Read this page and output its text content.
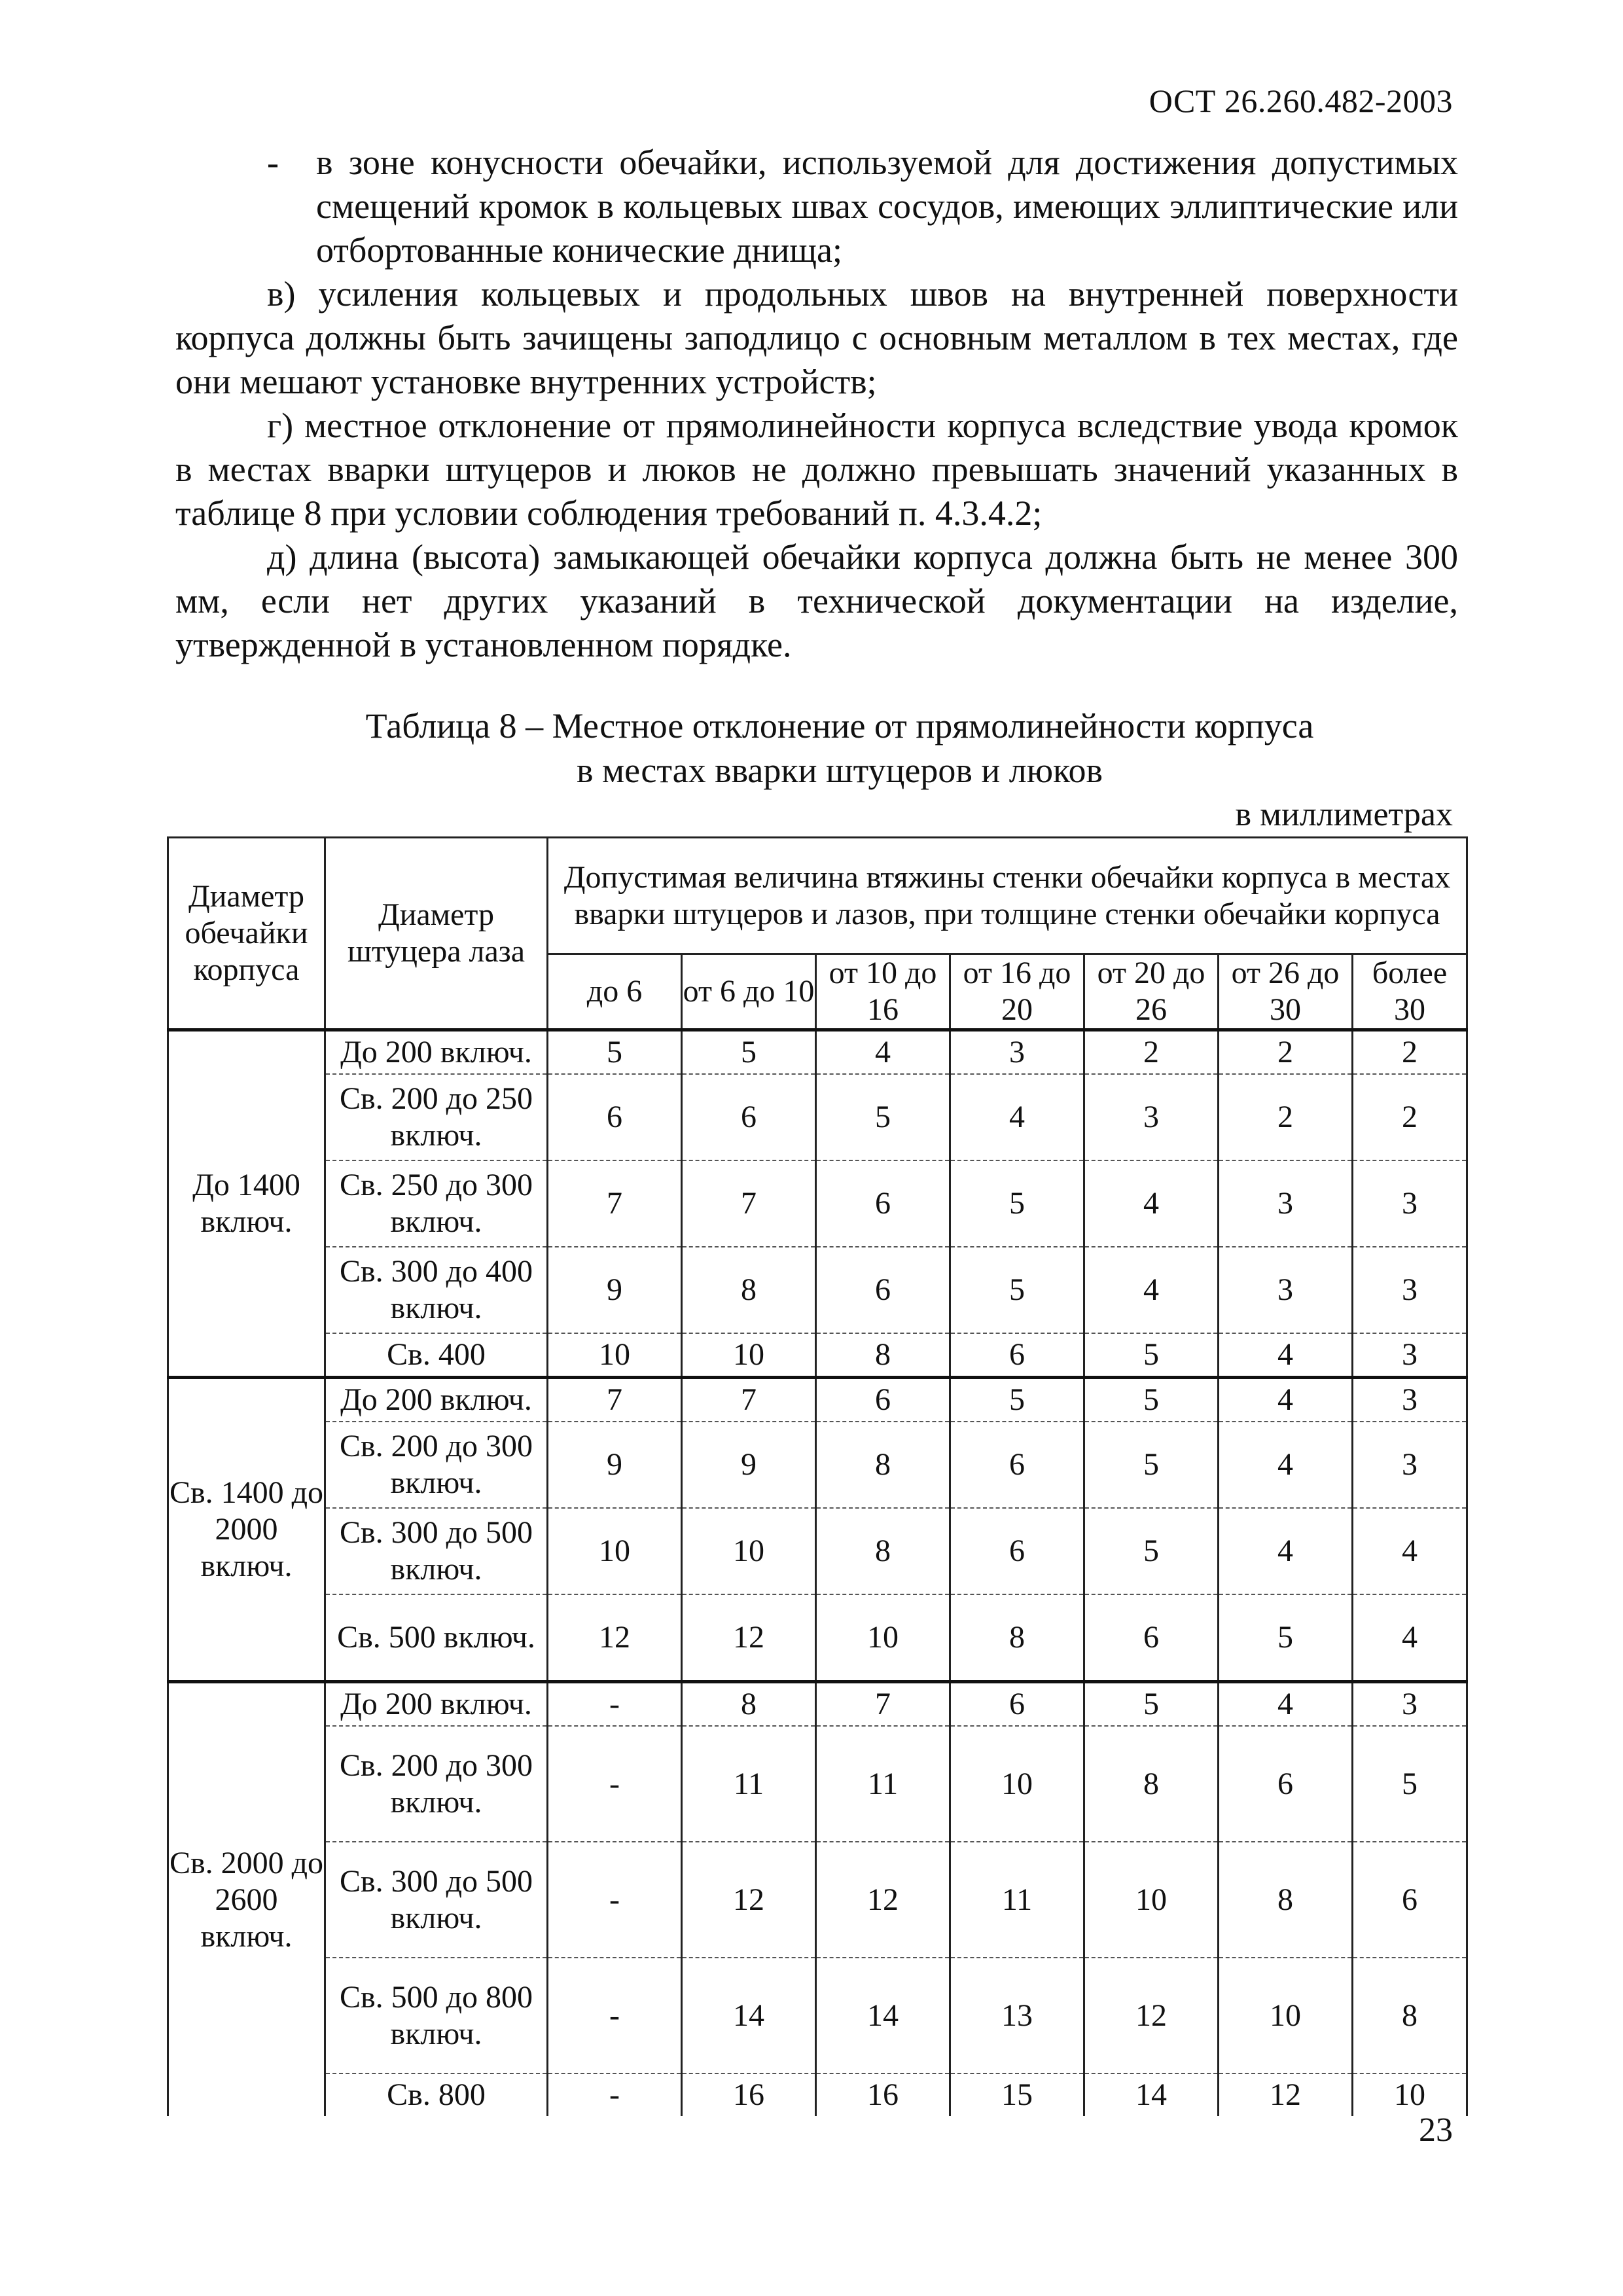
ОСТ 26.260.482-2003
-	в зоне конусности обечайки, используемой для достижения допустимых смещений кромок в кольцевых швах сосудов, имеющих эллиптические или отбортованные конические днища;

в) усиления кольцевых и продольных швов на внутренней поверхности корпуса должны быть зачищены заподлицо с основным металлом в тех местах, где они мешают установке внутренних устройств;

г) местное отклонение от прямолинейности корпуса вследствие увода кромок в местах вварки штуцеров и люков не должно превышать значений указанных в таблице 8 при условии соблюдения требований п. 4.3.4.2;

д) длина (высота) замыкающей обечайки корпуса должна быть не менее 300 мм, если нет других указаний в технической документации на изделие, утвержденной в установленном порядке.

Таблица 8 – Местное отклонение от прямолинейности корпуса
в местах вварки штуцеров и люков
в миллиметрах
Диаметр обечайки корпуса	Диаметр штуцера лаза	Допустимая величина втяжины стенки обечайки корпуса в местах вварки штуцеров и лазов, при толщине стенки обечайки корпуса						
		до 6	от 6 до 10	от 10 до 16	от 16 до 20	от 20 до 26	от 26 до 30	более 30
До 1400 включ.	До 200 включ.	5	5	4	3	2	2	2
	Св. 200 до 250 включ.	6	6	5	4	3	2	2
	Св. 250 до 300 включ.	7	7	6	5	4	3	3
	Св. 300 до 400 включ.	9	8	6	5	4	3	3
	Св. 400	10	10	8	6	5	4	3
Св. 1400 до 2000 включ.	До 200 включ.	7	7	6	5	5	4	3
	Св. 200 до 300 включ.	9	9	8	6	5	4	3
	Св. 300 до 500 включ.	10	10	8	6	5	4	4
	Св. 500 включ.	12	12	10	8	6	5	4
Св. 2000 до 2600 включ.	До 200 включ.	-	8	7	6	5	4	3
	Св. 200 до 300 включ.	-	11	11	10	8	6	5
	Св. 300 до 500 включ.	-	12	12	11	10	8	6
	Св. 500 до 800 включ.	-	14	14	13	12	10	8
	Св. 800	-	16	16	15	14	12	10
23
